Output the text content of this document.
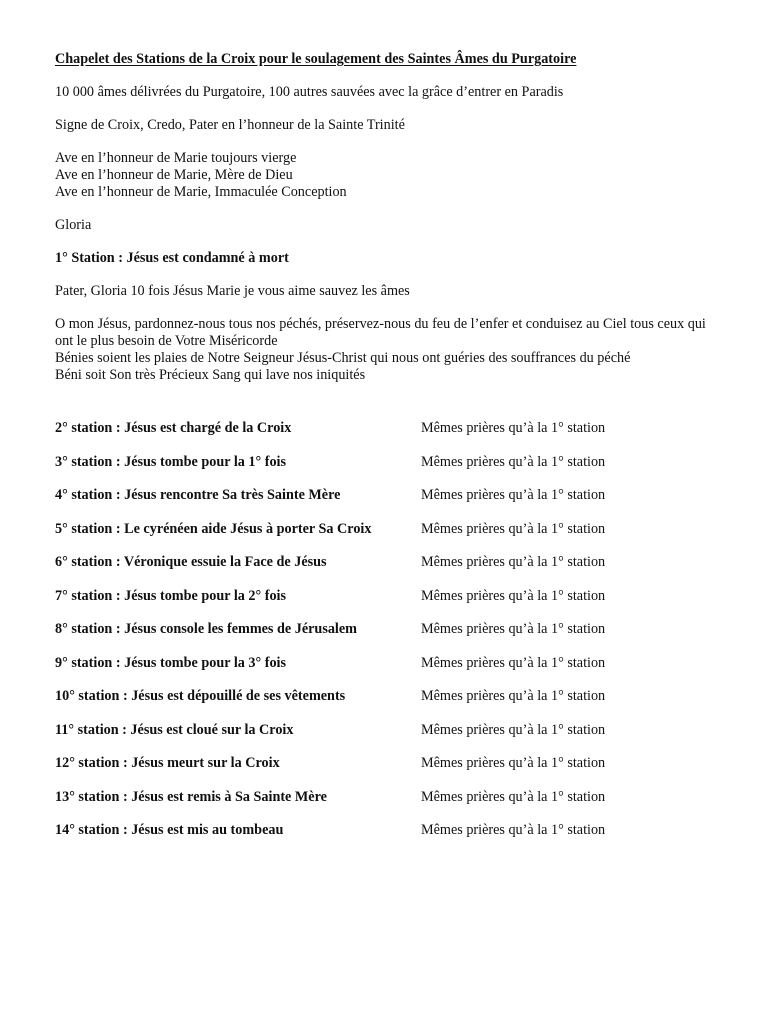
Chapelet des Stations de la Croix pour le soulagement des Saintes Âmes du Purgatoire
10 000 âmes délivrées du Purgatoire, 100 autres sauvées avec la grâce d’entrer en Paradis
Signe de Croix, Credo, Pater en l’honneur de la Sainte Trinité
Ave en l’honneur de Marie toujours vierge
Ave en l’honneur de Marie, Mère de Dieu
Ave en l’honneur de Marie, Immaculée Conception
Gloria
1° Station : Jésus est condamné à mort
Pater, Gloria 10 fois Jésus Marie je vous aime sauvez les âmes
O mon Jésus, pardonnez-nous tous nos péchés, préservez-nous du feu de l’enfer et conduisez au Ciel tous ceux qui ont le plus besoin de Votre Miséricorde
Bénies soient les plaies de Notre Seigneur Jésus-Christ qui nous ont guéries des souffrances du péché
Béni soit Son très Précieux Sang qui lave nos iniquités
2° station : Jésus est chargé de la Croix	Mêmes prières qu’à la 1° station
3° station : Jésus tombe pour la 1° fois	Mêmes prières qu’à la 1° station
4° station : Jésus rencontre Sa très Sainte Mère	Mêmes prières qu’à la 1° station
5° station : Le cyrénéen aide Jésus à porter Sa Croix	Mêmes prières qu’à la 1° station
6° station : Véronique essuie la Face de Jésus	Mêmes prières qu’à la 1° station
7° station : Jésus tombe pour la 2° fois	Mêmes prières qu’à la 1° station
8° station : Jésus console les femmes de Jérusalem	Mêmes prières qu’à la 1° station
9° station : Jésus tombe pour la 3° fois	Mêmes prières qu’à la 1° station
10° station : Jésus est dépouillé de ses vêtements	Mêmes prières qu’à la 1° station
11° station : Jésus est cloué sur la Croix	Mêmes prières qu’à la 1° station
12° station : Jésus meurt sur la Croix	Mêmes prières qu’à la 1° station
13° station : Jésus est remis à Sa Sainte Mère	Mêmes prières qu’à la 1° station
14° station : Jésus est mis au tombeau	Mêmes prières qu’à la 1° station
